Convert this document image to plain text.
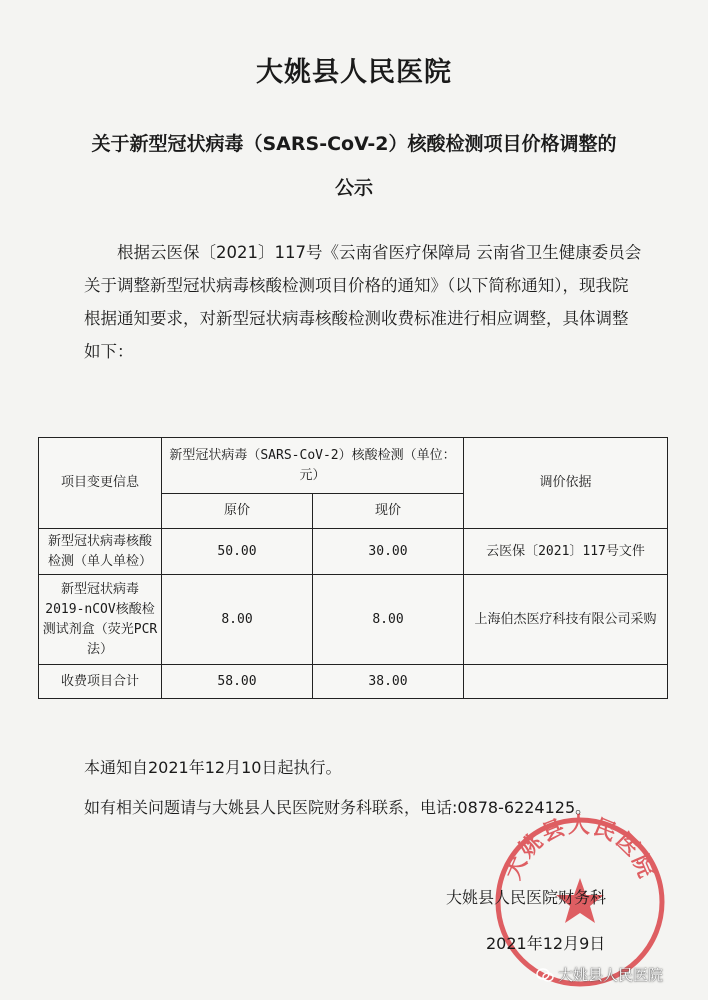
大姚县人民医院
关于新型冠状病毒（SARS-CoV-2）核酸检测项目价格调整的
公示

根据云医保〔2021〕117号《云南省医疗保障局 云南省卫生健康委员会关于调整新型冠状病毒核酸检测项目价格的通知》（以下简称通知），现我院根据通知要求，对新型冠状病毒核酸检测收费标准进行相应调整，具体调整如下：

项目变更信息	新型冠状病毒（SARS-CoV-2）核酸检测（单位：元）		调价依据
	原价	现价	
新型冠状病毒核酸检测（单人单检）	50.00	30.00	云医保〔2021〕117号文件
新型冠状病毒2019-nCOV核酸检测试剂盒（荧光PCR法）	8.00	8.00	上海伯杰医疗科技有限公司采购
收费项目合计	58.00	38.00	
本通知自2021年12月10日起执行。
如有相关问题请与大姚县人民医院财务科联系，电话:0878-6224125。
大姚县人民医院
大姚县人民医院财务科
2021年12月9日
大姚县人民医院
